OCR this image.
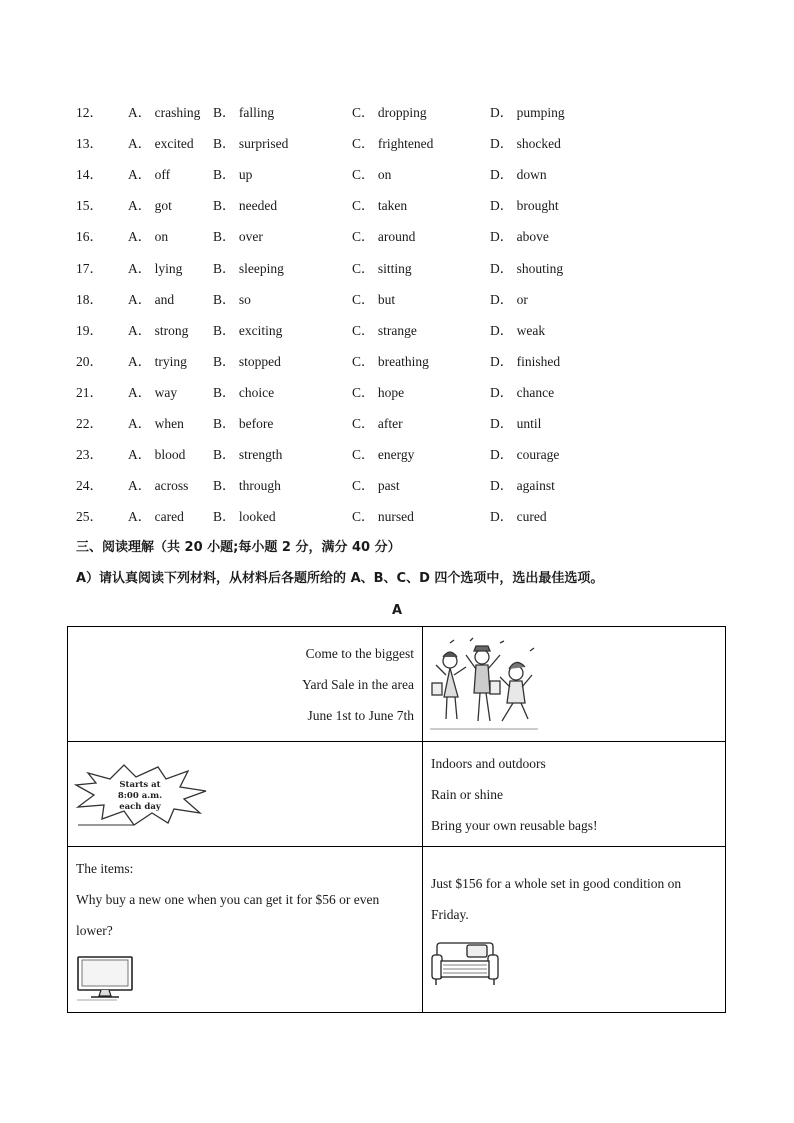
12． A． crashing B． falling	C． dropping	D． pumping
13． A． excited B． surprised	C． frightened	D． shocked
14． A． off	B． up	C． on	D． down
15． A． got	B． needed	C． taken	D． brought
16． A． on	B． over	C． around	D． above
17． A． lying B． sleeping	C． sitting	D． shouting
18． A． and	B． so	C． but	D． or
19． A． strong B． exciting	C． strange	D． weak
20． A． trying B． stopped	C． breathing	D． finished
21． A． way	B． choice	C． hope	D． chance
22． A． when B． before	C． after	D． until
23． A． blood B． strength	C． energy	D． courage
24． A． across B． through	C． past	D． against
25． A． cared B． looked	C． nursed	D． cured
三、阅读理解（共 20 小题;每小题 2 分，满分 40 分）
A）请认真阅读下列材料，从材料后各题所给的 A、B、C、D 四个选项中，选出最佳选项。
A
Come to the biggest
Yard Sale in the area
June 1st to June 7th
Starts at
8:00 a.m.
each day
Indoors and outdoors
Rain or shine
Bring your own reusable bags!
The items:
Why buy a new one when you can get it for $56 or even
lower?
Just $156 for a whole set in good condition on
Friday.
